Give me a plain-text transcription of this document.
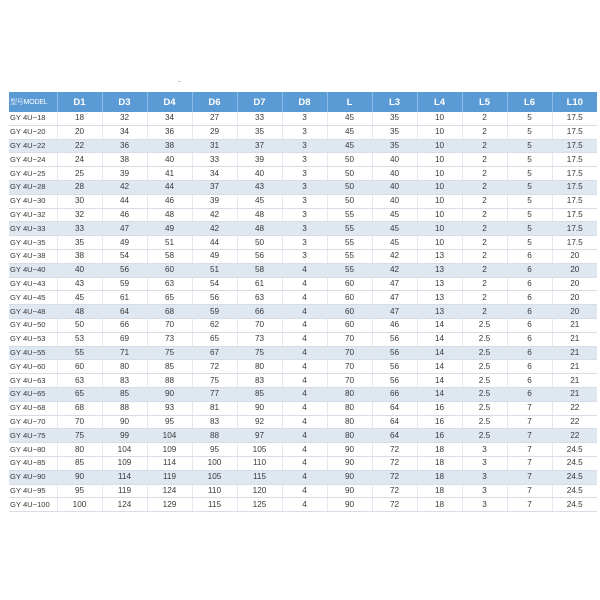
型号MODEL	D1	D3	D4	D6	D7	D8	L	L3	L4	L5	L6	L10
GY 4U−18	18	32	34	27	33	3	45	35	10	2	5	17.5
GY 4U−20	20	34	36	29	35	3	45	35	10	2	5	17.5
GY 4U−22	22	36	38	31	37	3	45	35	10	2	5	17.5
GY 4U−24	24	38	40	33	39	3	50	40	10	2	5	17.5
GY 4U−25	25	39	41	34	40	3	50	40	10	2	5	17.5
GY 4U−28	28	42	44	37	43	3	50	40	10	2	5	17.5
GY 4U−30	30	44	46	39	45	3	50	40	10	2	5	17.5
GY 4U−32	32	46	48	42	48	3	55	45	10	2	5	17.5
GY 4U−33	33	47	49	42	48	3	55	45	10	2	5	17.5
GY 4U−35	35	49	51	44	50	3	55	45	10	2	5	17.5
GY 4U−38	38	54	58	49	56	3	55	42	13	2	6	20
GY 4U−40	40	56	60	51	58	4	55	42	13	2	6	20
GY 4U−43	43	59	63	54	61	4	60	47	13	2	6	20
GY 4U−45	45	61	65	56	63	4	60	47	13	2	6	20
GY 4U−48	48	64	68	59	66	4	60	47	13	2	6	20
GY 4U−50	50	66	70	62	70	4	60	46	14	2.5	6	21
GY 4U−53	53	69	73	65	73	4	70	56	14	2.5	6	21
GY 4U−55	55	71	75	67	75	4	70	56	14	2.5	6	21
GY 4U−60	60	80	85	72	80	4	70	56	14	2.5	6	21
GY 4U−63	63	83	88	75	83	4	70	56	14	2.5	6	21
GY 4U−65	65	85	90	77	85	4	80	66	14	2.5	6	21
GY 4U−68	68	88	93	81	90	4	80	64	16	2.5	7	22
GY 4U−70	70	90	95	83	92	4	80	64	16	2.5	7	22
GY 4U−75	75	99	104	88	97	4	80	64	16	2.5	7	22
GY 4U−80	80	104	109	95	105	4	90	72	18	3	7	24.5
GY 4U−85	85	109	114	100	110	4	90	72	18	3	7	24.5
GY 4U−90	90	114	119	105	115	4	90	72	18	3	7	24.5
GY 4U−95	95	119	124	110	120	4	90	72	18	3	7	24.5
GY 4U−100	100	124	129	115	125	4	90	72	18	3	7	24.5
